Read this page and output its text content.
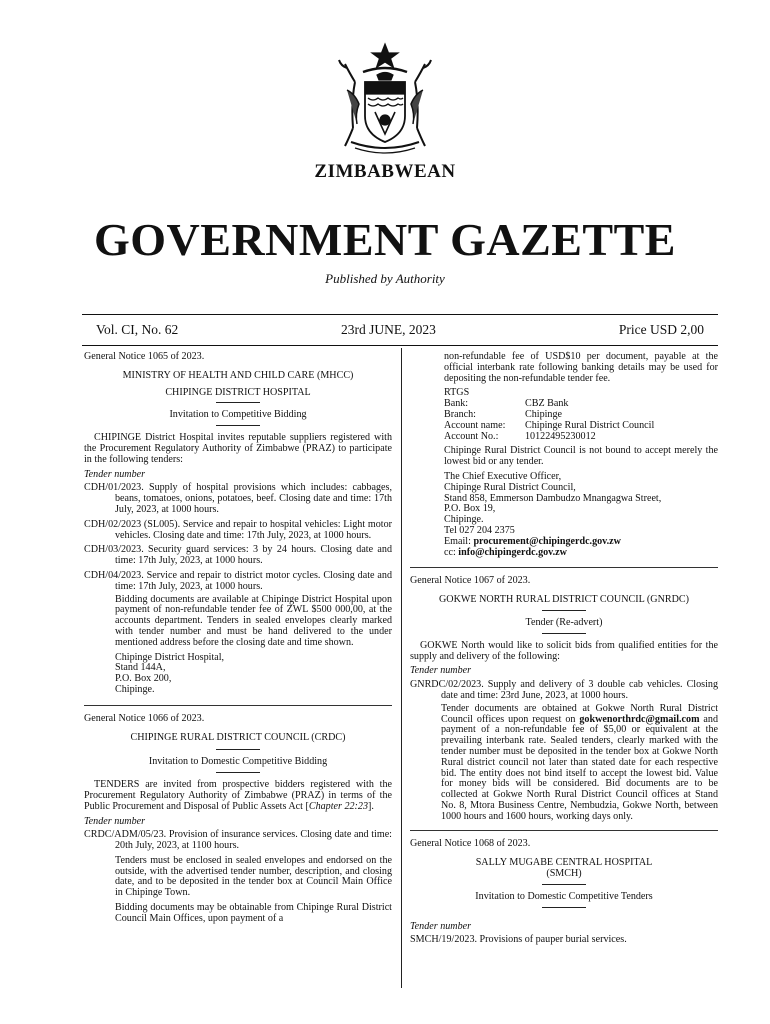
ZIMBABWEAN
GOVERNMENT GAZETTE

Published by Authority

Vol. CI, No. 62	23rd JUNE, 2023	Price USD 2,00

General Notice 1065 of 2023.

MINISTRY OF HEALTH AND CHILD CARE (MHCC)

CHIPINGE DISTRICT HOSPITAL

Invitation to Competitive Bidding

CHIPINGE District Hospital invites reputable suppliers registered with the Procurement Regulatory Authority of Zimbabwe (PRAZ) to participate in the following tenders:

Tender number

CDH/01/2023. Supply of hospital provisions which includes: cabbages, beans, tomatoes, onions, potatoes, beef. Closing date and time: 17th July, 2023, at 1000 hours.

CDH/02/2023 (SL005). Service and repair to hospital vehicles: Light motor vehicles. Closing date and time: 17th July, 2023, at 1000 hours.

CDH/03/2023. Security guard services: 3 by 24 hours. Closing date and time: 17th July, 2023, at 1000 hours.

CDH/04/2023. Service and repair to district motor cycles. Closing date and time: 17th July, 2023, at 1000 hours.

Bidding documents are available at Chipinge District Hospital upon payment of non-refundable tender fee of ZWL $500 000,00, at the accounts department. Tenders in sealed envelopes clearly marked with tender number and must be hand delivered to the under mentioned address before the closing date and time shown.

Chipinge District Hospital,
Stand 144A,
P.O. Box 200,
Chipinge.

General Notice 1066 of 2023.

CHIPINGE RURAL DISTRICT COUNCIL (CRDC)

Invitation to Domestic Competitive Bidding

TENDERS are invited from prospective bidders registered with the Procurement Regulatory Authority of Zimbabwe (PRAZ) in terms of the Public Procurement and Disposal of Public Assets Act [Chapter 22:23].

Tender number

CRDC/ADM/05/23. Provision of insurance services. Closing date and time: 20th July, 2023, at 1100 hours.

Tenders must be enclosed in sealed envelopes and endorsed on the outside, with the advertised tender number, description, and closing date, and to be deposited in the tender box at Council Main Office in Chipinge Town.

Bidding documents may be obtainable from Chipinge Rural District Council Main Offices, upon payment of a

non-refundable fee of USD$10 per document, payable at the official interbank rate following banking details may be used for depositing the non-refundable tender fee.

RTGS

Bank:	CBZ Bank
Branch:	Chipinge
Account name:	Chipinge Rural District Council
Account No.:	10122495230012

Chipinge Rural District Council is not bound to accept merely the lowest bid or any tender.

The Chief Executive Officer,
Chipinge Rural District Council,
Stand 858, Emmerson Dambudzo Mnangagwa Street,
P.O. Box 19,
Chipinge.
Tel 027 204 2375
Email: procurement@chipingerdc.gov.zw
cc: info@chipingerdc.gov.zw

General Notice 1067 of 2023.

GOKWE NORTH RURAL DISTRICT COUNCIL (GNRDC)

Tender (Re-advert)

GOKWE North would like to solicit bids from qualified entities for the supply and delivery of the following:

Tender number

GNRDC/02/2023. Supply and delivery of 3 double cab vehicles. Closing date and time: 23rd June, 2023, at 1000 hours.

Tender documents are obtained at Gokwe North Rural District Council offices upon request on gokwenorthrdc@gmail.com and payment of a non-refundable fee of $5,00 or equivalent at the prevailing interbank rate. Sealed tenders, clearly marked with the tender number must be deposited in the tender box at Gokwe North Rural district council not later than stated date for each respective bid. The entity does not bind itself to accept the lowest bid. Value for money bids will be considered. Bid documents are to be collected at Gokwe North Rural District Council offices at Stand No. 8, Mtora Business Centre, Nembudzia, Gokwe North, between 1000 hours and 1600 hours, working days only.

General Notice 1068 of 2023.

SALLY MUGABE CENTRAL HOSPITAL

(SMCH)

Invitation to Domestic Competitive Tenders

Tender number

SMCH/19/2023. Provisions of pauper burial services.
